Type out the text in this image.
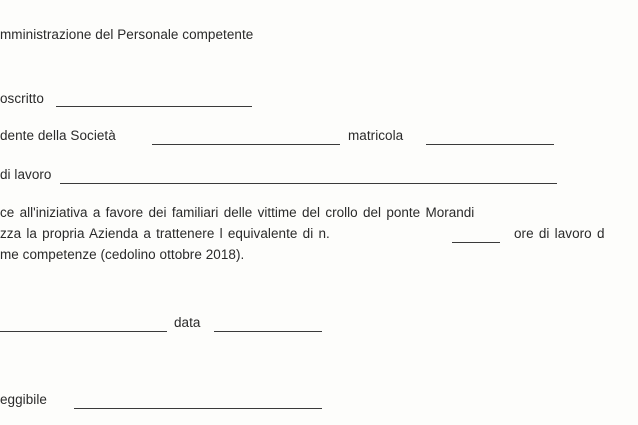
mministrazione del Personale competente
oscritto
dente della Società	matricola
di lavoro
ce all'iniziativa a favore dei familiari delle vittime del crollo del ponte Morandi
zza la propria Azienda a trattenere l equivalente di n.	ore di lavoro d
me competenze (cedolino ottobre 2018).
data
eggibile
